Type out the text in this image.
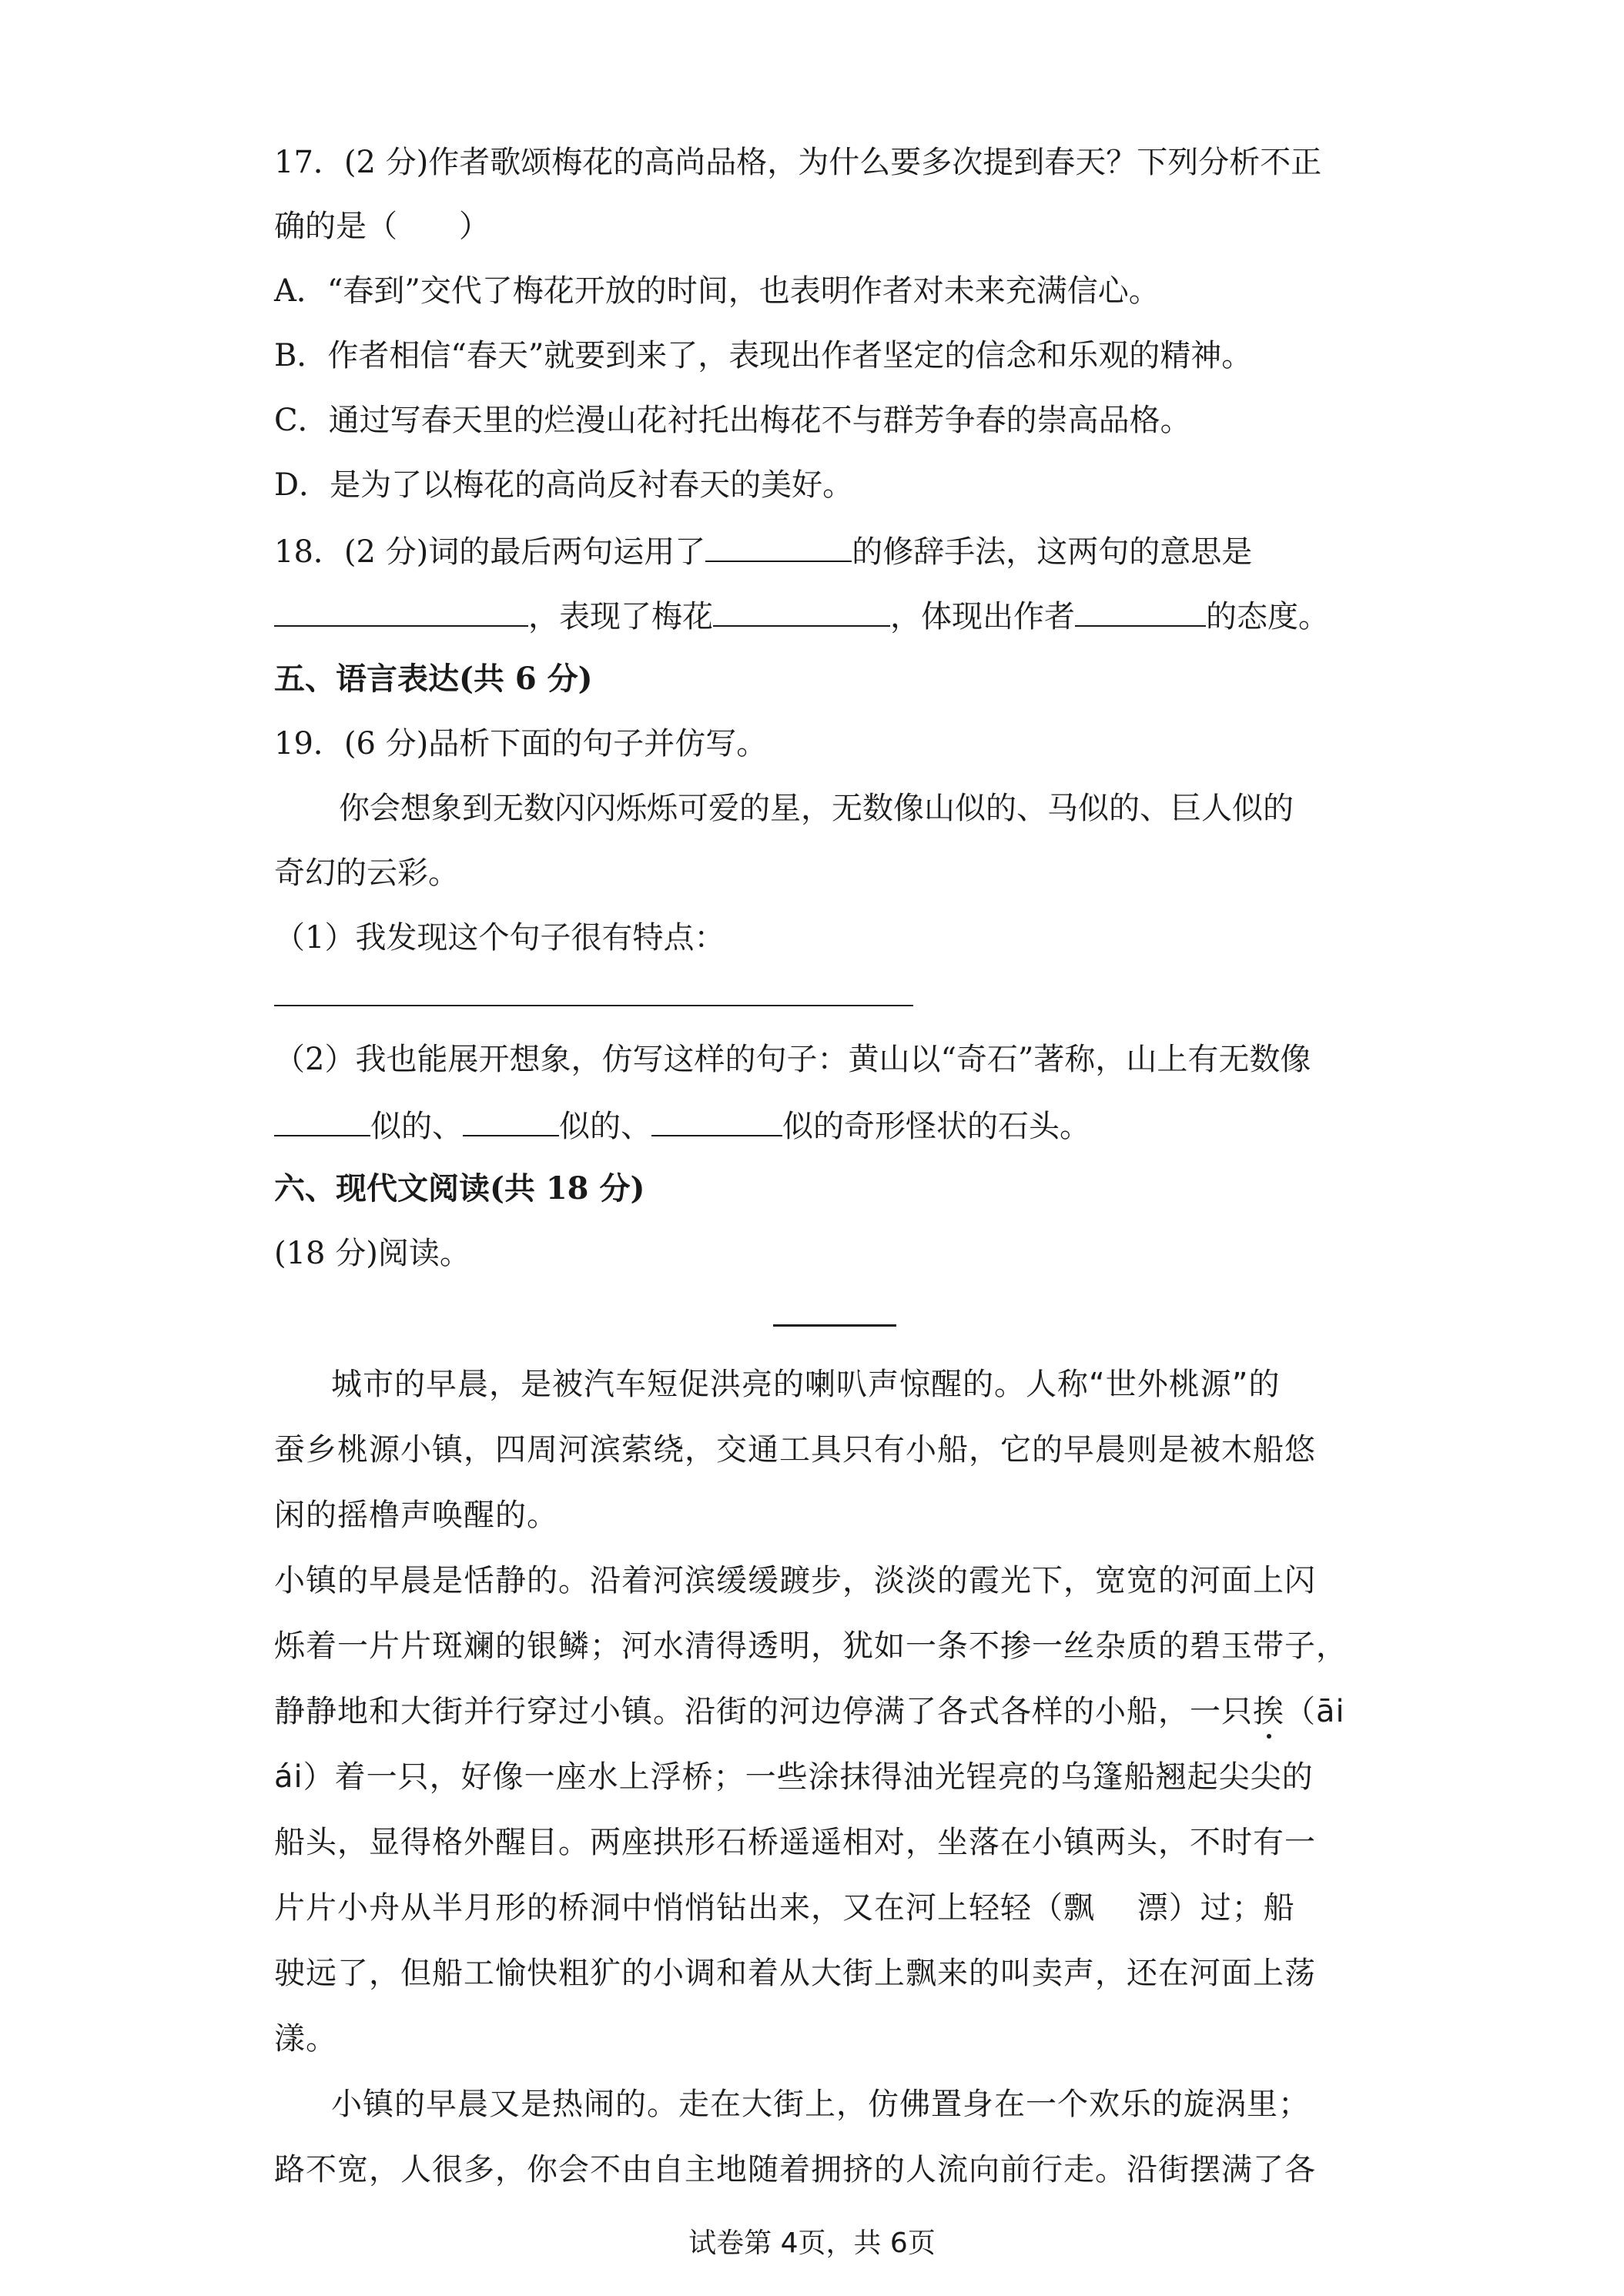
17．(2 分)作者歌颂梅花的高尚品格，为什么要多次提到春天？下列分析不正
确的是（　　）
A．“春到”交代了梅花开放的时间，也表明作者对未来充满信心。
B．作者相信“春天”就要到来了，表现出作者坚定的信念和乐观的精神。
C．通过写春天里的烂漫山花衬托出梅花不与群芳争春的崇高品格。
D．是为了以梅花的高尚反衬春天的美好。
18．(2 分)词的最后两句运用了	的修辞手法，这两句的意思是
，表现了梅花	，体现出作者	的态度。
五、语言表达(共 6 分)
19．(6 分)品析下面的句子并仿写。
你会想象到无数闪闪烁烁可爱的星，无数像山似的、马似的、巨人似的
奇幻的云彩。
（1）我发现这个句子很有特点：
（2）我也能展开想象，仿写这样的句子：黄山以“奇石”著称，山上有无数像
似的、	似的、	似的奇形怪状的石头。
六、现代文阅读(共 18 分)
(18 分)阅读。
城市的早晨，是被汽车短促洪亮的喇叭声惊醒的。人称“世外桃源”的
蚕乡桃源小镇，四周河滨萦绕，交通工具只有小船，它的早晨则是被木船悠
闲的摇橹声唤醒的。
小镇的早晨是恬静的。沿着河滨缓缓踱步，淡淡的霞光下，宽宽的河面上闪
烁着一片片斑斓的银鳞；河水清得透明，犹如一条不掺一丝杂质的碧玉带子，
静静地和大街并行穿过小镇。沿街的河边停满了各式各样的小船，一只挨（āi
ái）着一只，好像一座水上浮桥；一些涂抹得油光锃亮的乌篷船翘起尖尖的
船头，显得格外醒目。两座拱形石桥遥遥相对，坐落在小镇两头，不时有一
片片小舟从半月形的桥洞中悄悄钻出来，又在河上轻轻（飘　 漂）过；船
驶远了，但船工愉快粗犷的小调和着从大街上飘来的叫卖声，还在河面上荡
漾。
小镇的早晨又是热闹的。走在大街上，仿佛置身在一个欢乐的旋涡里；
路不宽，人很多，你会不由自主地随着拥挤的人流向前行走。沿街摆满了各
试卷第 4页，共 6页
